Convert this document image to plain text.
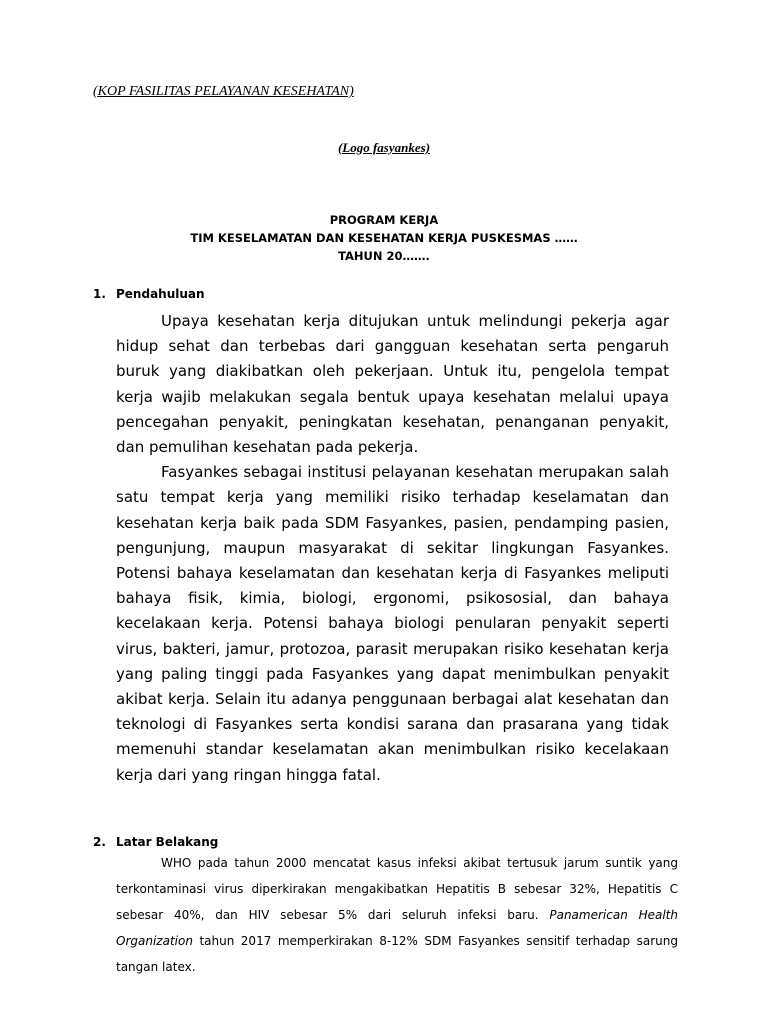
(KOP FASILITAS PELAYANAN KESEHATAN)
(Logo fasyankes)
PROGRAM KERJA
TIM KESELAMATAN DAN KESEHATAN KERJA PUSKESMAS ……
TAHUN 20…….
1. Pendahuluan

Upaya kesehatan kerja ditujukan untuk melindungi pekerja agar hidup sehat dan terbebas dari gangguan kesehatan serta pengaruh buruk yang diakibatkan oleh pekerjaan. Untuk itu, pengelola tempat kerja wajib melakukan segala bentuk upaya kesehatan melalui upaya pencegahan penyakit, peningkatan kesehatan, penanganan penyakit, dan pemulihan kesehatan pada pekerja.

Fasyankes sebagai institusi pelayanan kesehatan merupakan salah satu tempat kerja yang memiliki risiko terhadap keselamatan dan kesehatan kerja baik pada SDM Fasyankes, pasien, pendamping pasien, pengunjung, maupun masyarakat di sekitar lingkungan Fasyankes. Potensi bahaya keselamatan dan kesehatan kerja di Fasyankes meliputi bahaya fisik, kimia, biologi, ergonomi, psikososial, dan bahaya kecelakaan kerja. Potensi bahaya biologi penularan penyakit seperti virus, bakteri, jamur, protozoa, parasit merupakan risiko kesehatan kerja yang paling tinggi pada Fasyankes yang dapat menimbulkan penyakit akibat kerja. Selain itu adanya penggunaan berbagai alat kesehatan dan teknologi di Fasyankes serta kondisi sarana dan prasarana yang tidak memenuhi standar keselamatan akan menimbulkan risiko kecelakaan kerja dari yang ringan hingga fatal.

2. Latar Belakang

WHO pada tahun 2000 mencatat kasus infeksi akibat tertusuk jarum suntik yang terkontaminasi virus diperkirakan mengakibatkan Hepatitis B sebesar 32%, Hepatitis C sebesar 40%, dan HIV sebesar 5% dari seluruh infeksi baru. Panamerican Health Organization tahun 2017 memperkirakan 8-12% SDM Fasyankes sensitif terhadap sarung tangan latex.
